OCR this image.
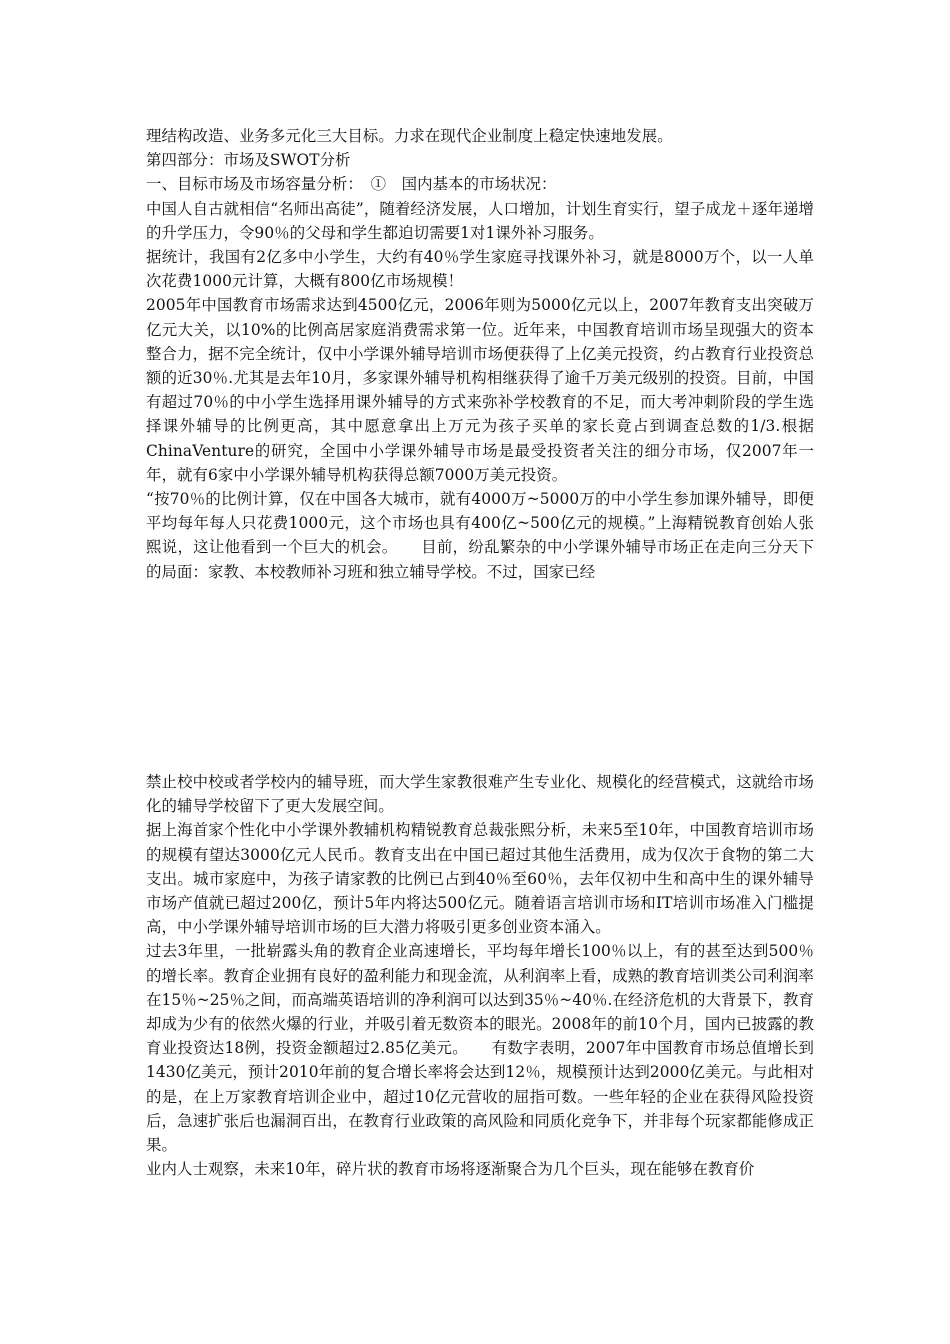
理结构改造、业务多元化三大目标。力求在现代企业制度上稳定快速地发展。

第四部分：市场及SWOT分析

一、目标市场及市场容量分析：　①　国内基本的市场状况：

中国人自古就相信“名师出高徒”，随着经济发展，人口增加，计划生育实行，望子成龙＋逐年递增的升学压力，令90％的父母和学生都迫切需要1对1课外补习服务。

据统计，我国有2亿多中小学生，大约有40％学生家庭寻找课外补习，就是8000万个，以一人单次花费1000元计算，大概有800亿市场规模！

2005年中国教育市场需求达到4500亿元，2006年则为5000亿元以上，2007年教育支出突破万亿元大关，以10%的比例高居家庭消费需求第一位。近年来，中国教育培训市场呈现强大的资本整合力，据不完全统计，仅中小学课外辅导培训市场便获得了上亿美元投资，约占教育行业投资总额的近30％.尤其是去年10月，多家课外辅导机构相继获得了逾千万美元级别的投资。目前，中国有超过70％的中小学生选择用课外辅导的方式来弥补学校教育的不足，而大考冲刺阶段的学生选择课外辅导的比例更高，其中愿意拿出上万元为孩子买单的家长竟占到调查总数的1/3.根据ChinaVenture的研究，全国中小学课外辅导市场是最受投资者关注的细分市场，仅2007年一年，就有6家中小学课外辅导机构获得总额7000万美元投资。

“按70％的比例计算，仅在中国各大城市，就有4000万~5000万的中小学生参加课外辅导，即便平均每年每人只花费1000元，这个市场也具有400亿~500亿元的规模。”上海精锐教育创始人张熙说，这让他看到一个巨大的机会。　　目前，纷乱繁杂的中小学课外辅导市场正在走向三分天下的局面：家教、本校教师补习班和独立辅导学校。不过，国家已经

禁止校中校或者学校内的辅导班，而大学生家教很难产生专业化、规模化的经营模式，这就给市场化的辅导学校留下了更大发展空间。

据上海首家个性化中小学课外教辅机构精锐教育总裁张熙分析，未来5至10年，中国教育培训市场的规模有望达3000亿元人民币。教育支出在中国已超过其他生活费用，成为仅次于食物的第二大支出。城市家庭中，为孩子请家教的比例已占到40％至60％，去年仅初中生和高中生的课外辅导市场产值就已超过200亿，预计5年内将达500亿元。随着语言培训市场和IT培训市场准入门槛提高，中小学课外辅导培训市场的巨大潜力将吸引更多创业资本涌入。

过去3年里，一批崭露头角的教育企业高速增长，平均每年增长100％以上，有的甚至达到500％的增长率。教育企业拥有良好的盈利能力和现金流，从利润率上看，成熟的教育培训类公司利润率在15％~25％之间，而高端英语培训的净利润可以达到35％~40％.在经济危机的大背景下，教育却成为少有的依然火爆的行业，并吸引着无数资本的眼光。2008年的前10个月，国内已披露的教育业投资达18例，投资金额超过2.85亿美元。　　有数字表明，2007年中国教育市场总值增长到1430亿美元，预计2010年前的复合增长率将会达到12％，规模预计达到2000亿美元。与此相对的是，在上万家教育培训企业中，超过10亿元营收的屈指可数。一些年轻的企业在获得风险投资后，急速扩张后也漏洞百出，在教育行业政策的高风险和同质化竞争下，并非每个玩家都能修成正果。

业内人士观察，未来10年，碎片状的教育市场将逐渐聚合为几个巨头，现在能够在教育价
